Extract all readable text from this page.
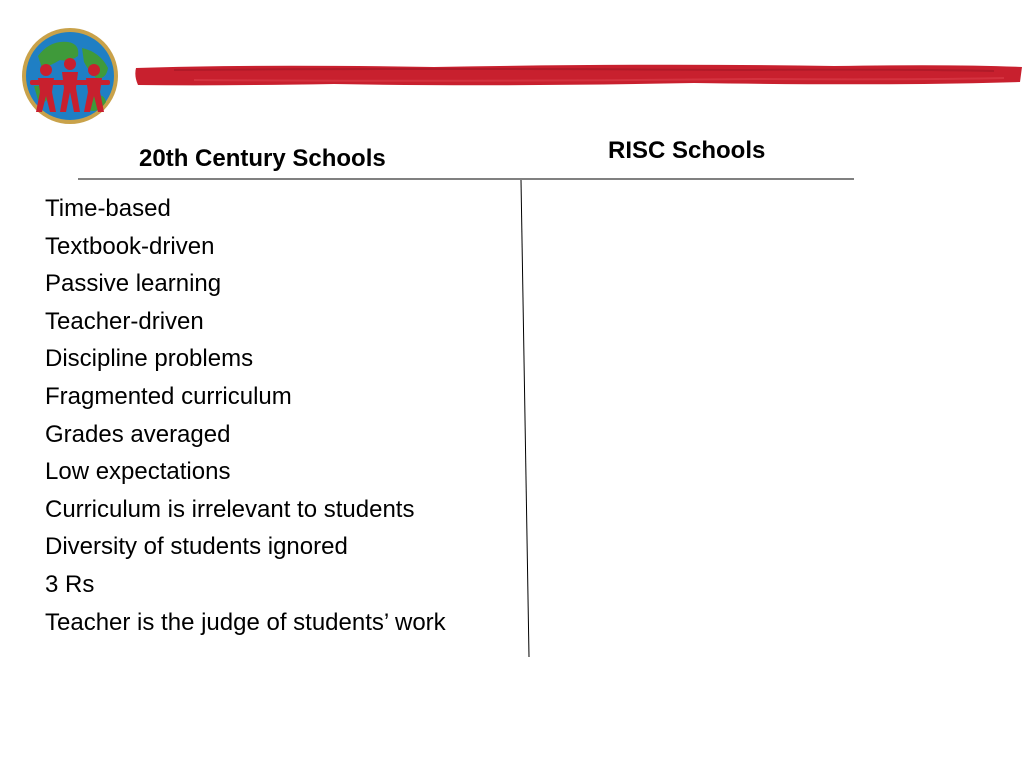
20th Century Schools	RISC Schools
Time-based
Textbook-driven
Passive learning
Teacher-driven
Discipline problems
Fragmented curriculum
Grades averaged
Low expectations
Curriculum is irrelevant to students
Diversity of students ignored
3 Rs
Teacher is the judge of students’ work
